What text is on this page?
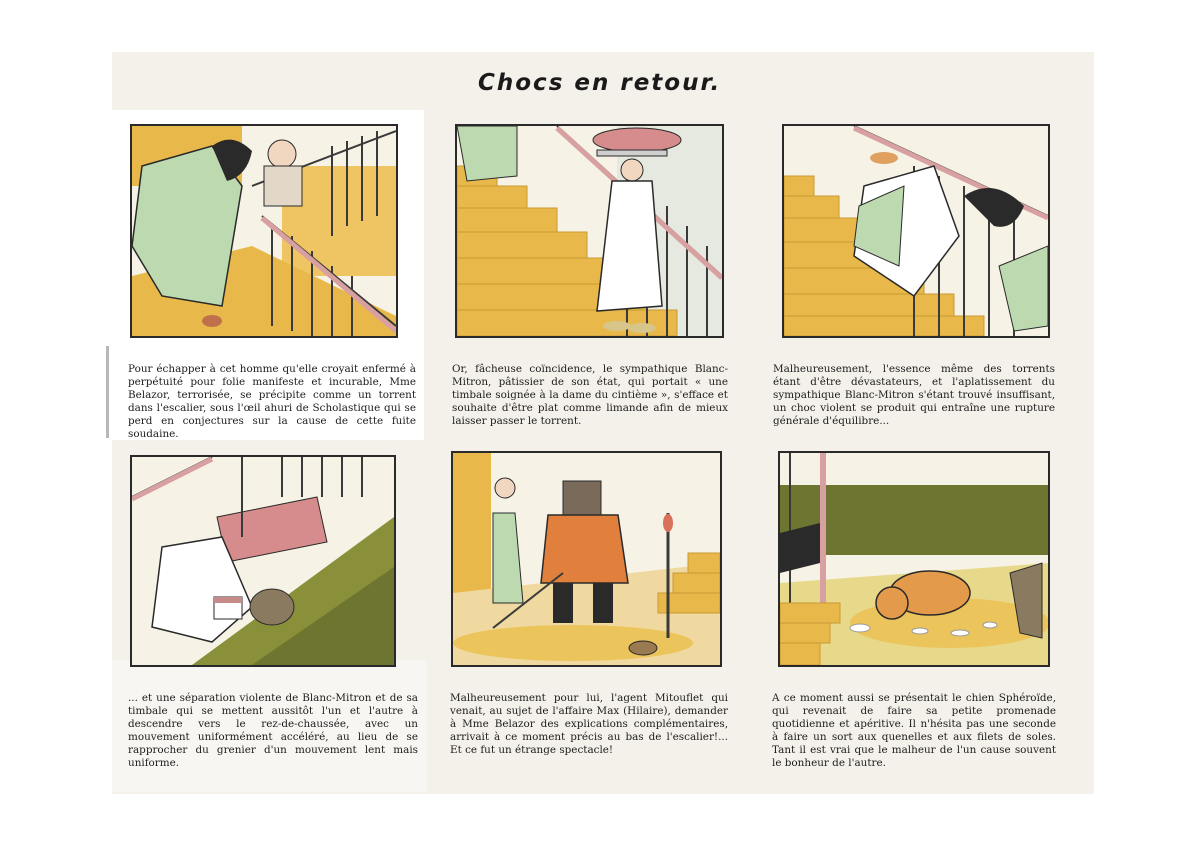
Chocs en retour.

Pour échapper à cet homme qu'elle croyait enfermé à perpétuité pour folie manifeste et incurable, Mme Belazor, terrorisée, se précipite comme un torrent dans l'escalier, sous l'œil ahuri de Scholastique qui se perd en conjectures sur la cause de cette fuite soudaine.

Or, fâcheuse coïncidence, le sympathique Blanc-Mitron, pâtissier de son état, qui portait « une timbale soignée à la dame du cintième », s'efface et souhaite d'être plat comme limande afin de mieux laisser passer le torrent.

Malheureusement, l'essence même des torrents étant d'être dévastateurs, et l'aplatissement du sympathique Blanc-Mitron s'étant trouvé insuffisant, un choc violent se produit qui entraîne une rupture générale d'équilibre...

... et une séparation violente de Blanc-Mitron et de sa timbale qui se mettent aussitôt l'un et l'autre à descendre vers le rez-de-chaussée, avec un mouvement uniformément accéléré, au lieu de se rapprocher du grenier d'un mouvement lent mais uniforme.

Malheureusement pour lui, l'agent Mitouflet qui venait, au sujet de l'affaire Max (Hilaire), demander à Mme Belazor des explications complémentaires, arrivait à ce moment précis au bas de l'escalier!... Et ce fut un étrange spectacle!

A ce moment aussi se présentait le chien Sphéroïde, qui revenait de faire sa petite promenade quotidienne et apéritive. Il n'hésita pas une seconde à faire un sort aux quenelles et aux filets de soles. Tant il est vrai que le malheur de l'un cause souvent le bonheur de l'autre.
